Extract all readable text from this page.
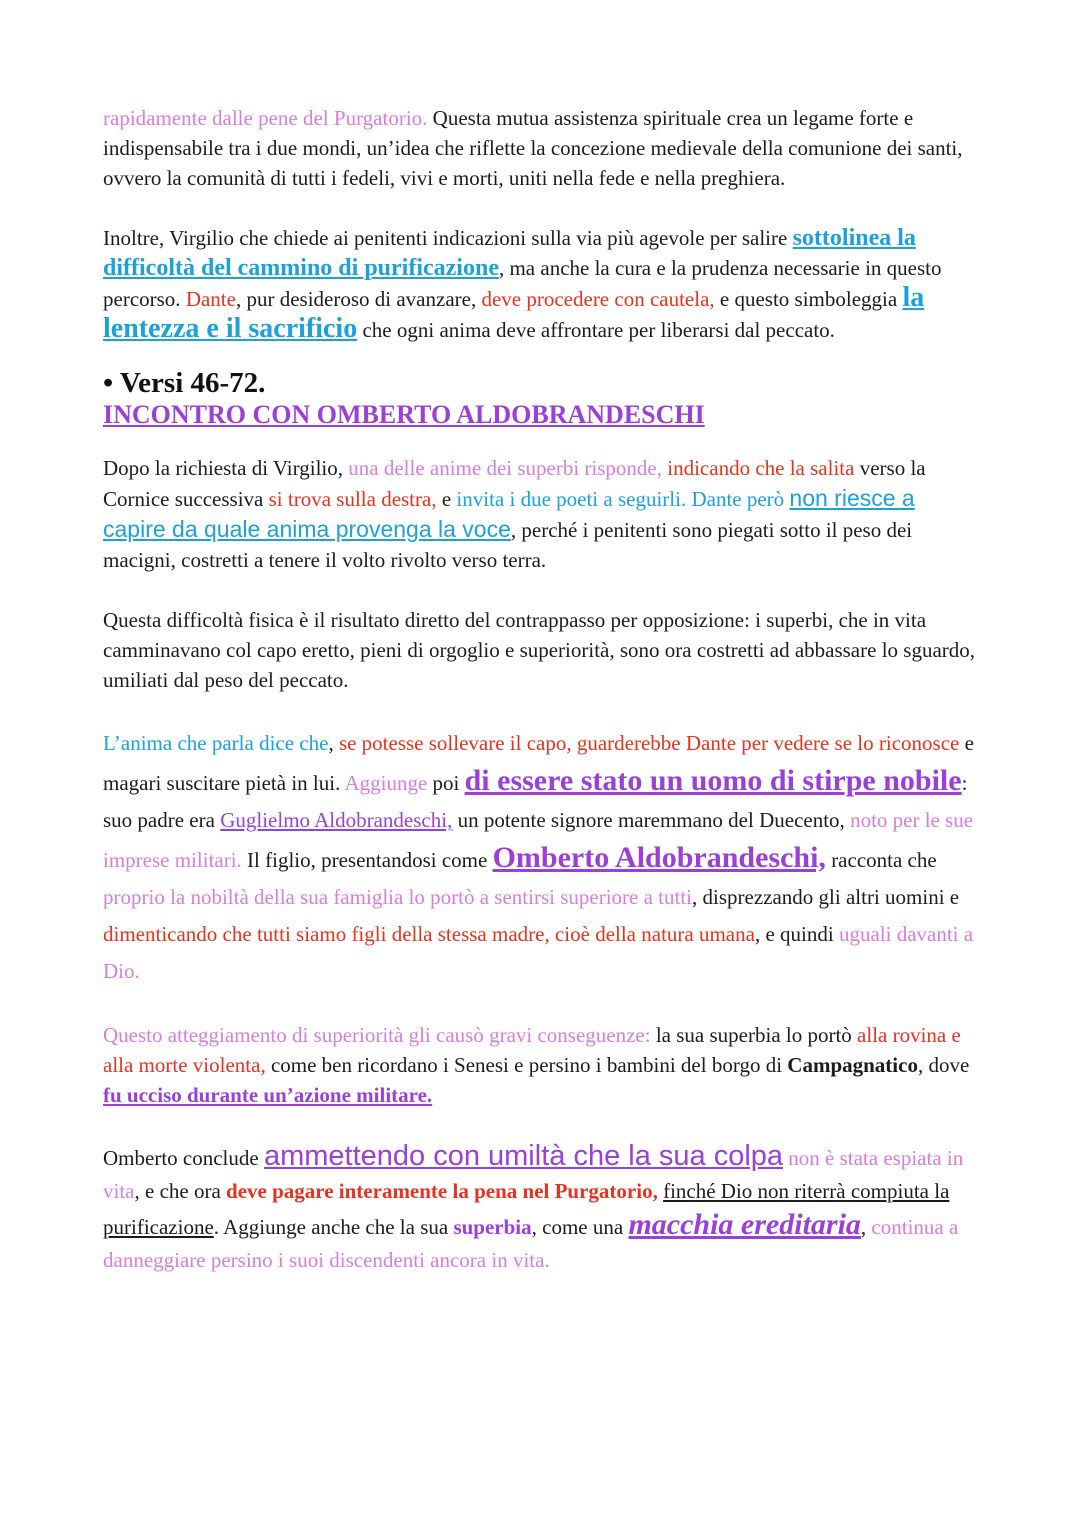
rapidamente dalle pene del Purgatorio. Questa mutua assistenza spirituale crea un legame forte e indispensabile tra i due mondi, un’idea che riflette la concezione medievale della comunione dei santi, ovvero la comunità di tutti i fedeli, vivi e morti, uniti nella fede e nella preghiera.

Inoltre, Virgilio che chiede ai penitenti indicazioni sulla via più agevole per salire sottolinea la difficoltà del cammino di purificazione, ma anche la cura e la prudenza necessarie in questo percorso. Dante, pur desideroso di avanzare, deve procedere con cautela, e questo simboleggia la lentezza e il sacrificio che ogni anima deve affrontare per liberarsi dal peccato.

• Versi 46-72.
INCONTRO CON OMBERTO ALDOBRANDESCHI

Dopo la richiesta di Virgilio, una delle anime dei superbi risponde, indicando che la salita verso la Cornice successiva si trova sulla destra, e invita i due poeti a seguirli. Dante però non riesce a capire da quale anima provenga la voce, perché i penitenti sono piegati sotto il peso dei macigni, costretti a tenere il volto rivolto verso terra.

Questa difficoltà fisica è il risultato diretto del contrappasso per opposizione: i superbi, che in vita camminavano col capo eretto, pieni di orgoglio e superiorità, sono ora costretti ad abbassare lo sguardo, umiliati dal peso del peccato.

L’anima che parla dice che, se potesse sollevare il capo, guarderebbe Dante per vedere se lo riconosce e magari suscitare pietà in lui. Aggiunge poi di essere stato un uomo di stirpe nobile: suo padre era Guglielmo Aldobrandeschi, un potente signore maremmano del Duecento, noto per le sue imprese militari. Il figlio, presentandosi come Omberto Aldobrandeschi, racconta che proprio la nobiltà della sua famiglia lo portò a sentirsi superiore a tutti, disprezzando gli altri uomini e dimenticando che tutti siamo figli della stessa madre, cioè della natura umana, e quindi uguali davanti a Dio.

Questo atteggiamento di superiorità gli causò gravi conseguenze: la sua superbia lo portò alla rovina e alla morte violenta, come ben ricordano i Senesi e persino i bambini del borgo di Campagnatico, dove fu ucciso durante un’azione militare.

Omberto conclude ammettendo con umiltà che la sua colpa non è stata espiata in vita, e che ora deve pagare interamente la pena nel Purgatorio, finché Dio non riterrà compiuta la purificazione. Aggiunge anche che la sua superbia, come una macchia ereditaria, continua a danneggiare persino i suoi discendenti ancora in vita.
